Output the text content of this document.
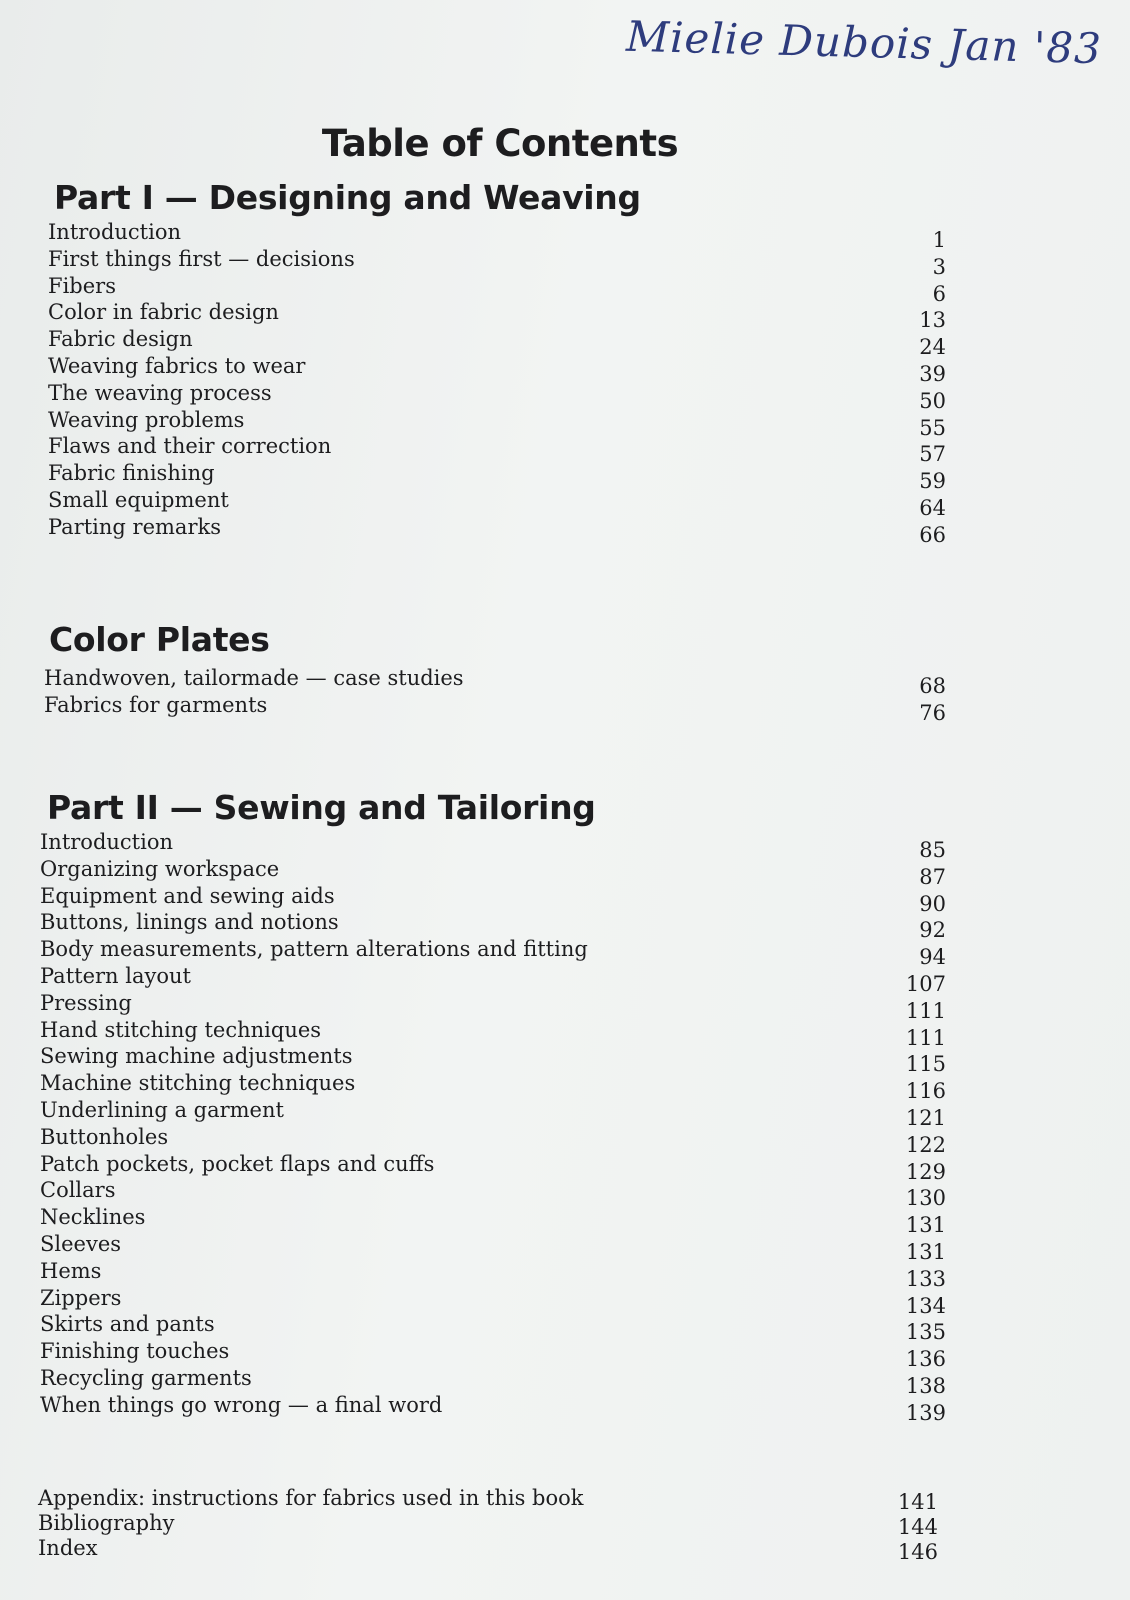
Mielie Dubois Jan '83
Table of Contents
Part I — Designing and Weaving
Introduction	1
First things first — decisions	3
Fibers	6
Color in fabric design	13
Fabric design	24
Weaving fabrics to wear	39
The weaving process	50
Weaving problems	55
Flaws and their correction	57
Fabric finishing	59
Small equipment	64
Parting remarks	66
Color Plates
Handwoven, tailormade — case studies	68
Fabrics for garments	76
Part II — Sewing and Tailoring
Introduction	85
Organizing workspace	87
Equipment and sewing aids	90
Buttons, linings and notions	92
Body measurements, pattern alterations and fitting	94
Pattern layout	107
Pressing	111
Hand stitching techniques	111
Sewing machine adjustments	115
Machine stitching techniques	116
Underlining a garment	121
Buttonholes	122
Patch pockets, pocket flaps and cuffs	129
Collars	130
Necklines	131
Sleeves	131
Hems	133
Zippers	134
Skirts and pants	135
Finishing touches	136
Recycling garments	138
When things go wrong — a final word	139
Appendix: instructions for fabrics used in this book	141
Bibliography	144
Index	146
